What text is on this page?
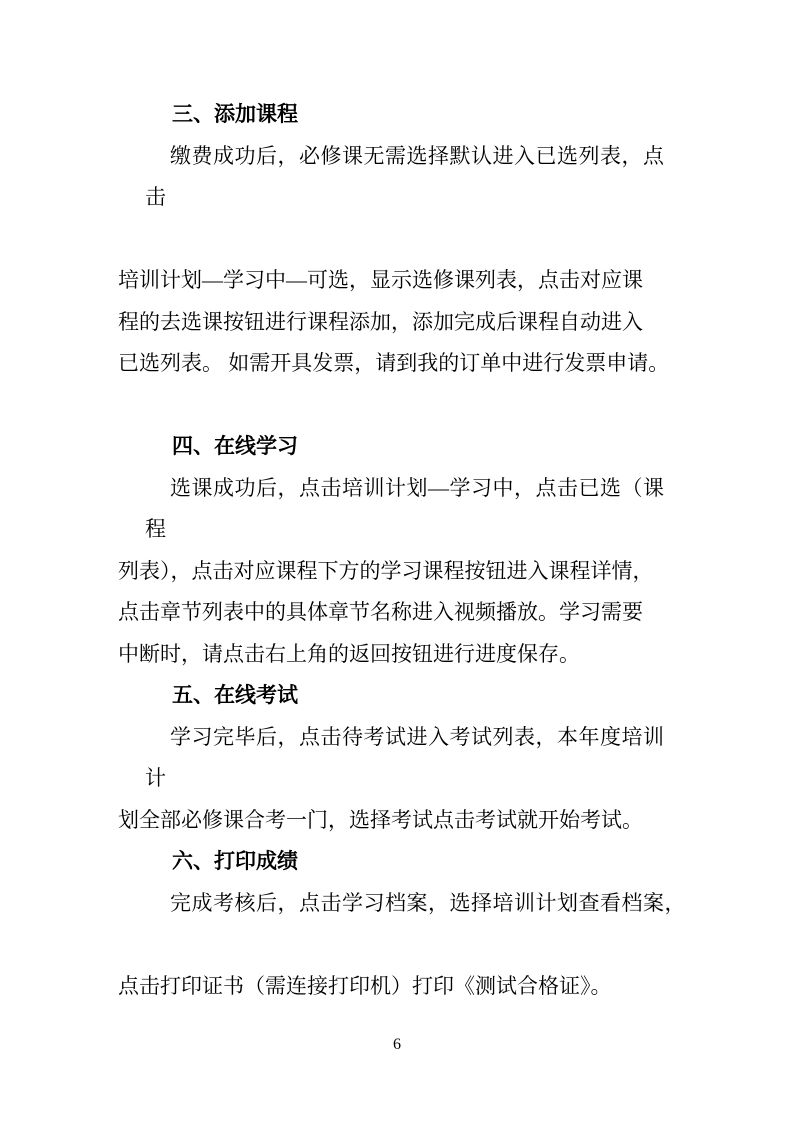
三、添加课程
缴费成功后，必修课无需选择默认进入已选列表，点
击
培训计划—学习中—可选，显示选修课列表，点击对应课
程的去选课按钮进行课程添加，添加完成后课程自动进入
已选列表。 如需开具发票，请到我的订单中进行发票申请。
四、在线学习
选课成功后，点击培训计划—学习中，点击已选（课
程
列表），点击对应课程下方的学习课程按钮进入课程详情，
点击章节列表中的具体章节名称进入视频播放。学习需要
中断时，请点击右上角的返回按钮进行进度保存。
五、在线考试
学习完毕后，点击待考试进入考试列表，本年度培训
计
划全部必修课合考一门，选择考试点击考试就开始考试。
六、打印成绩
完成考核后，点击学习档案，选择培训计划查看档案，
点击打印证书（需连接打印机）打印《测试合格证》。
6
